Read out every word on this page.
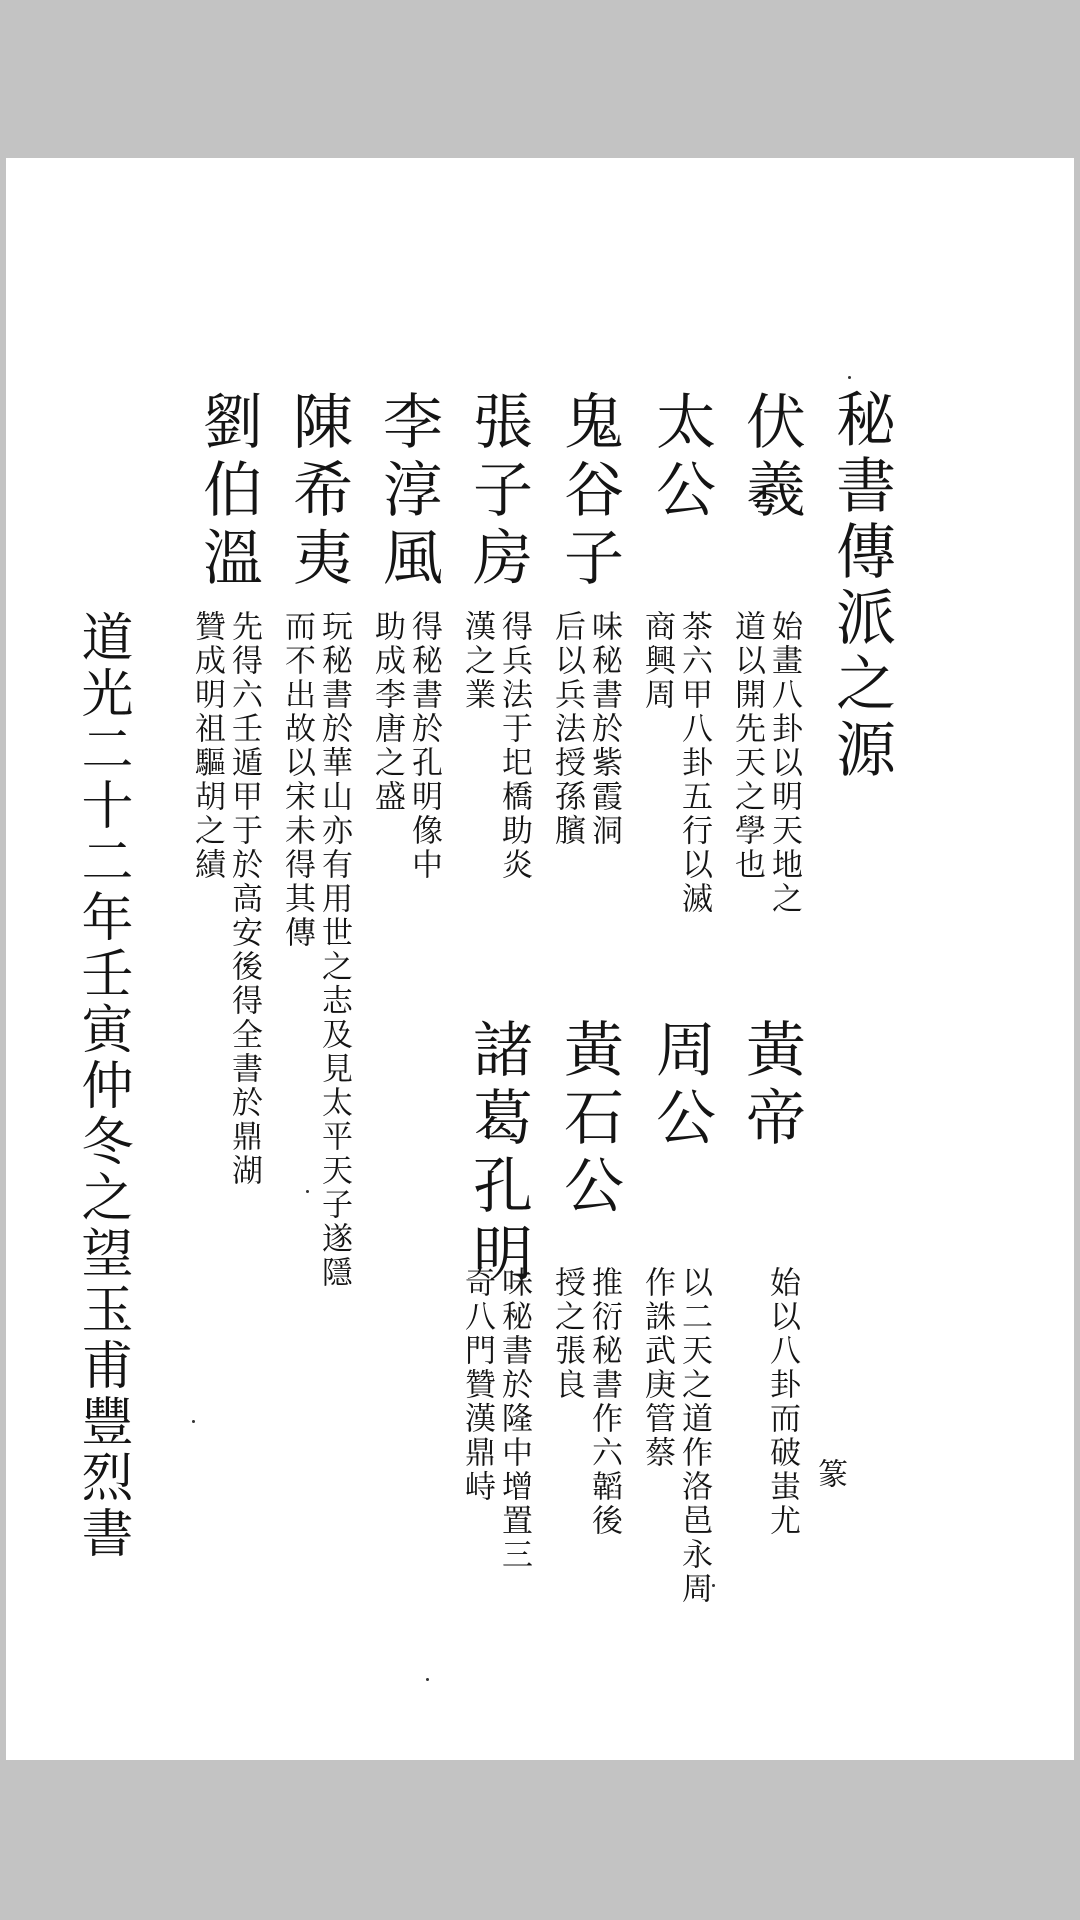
秘書傳派之源
伏羲
太公
鬼谷子
張子房
李淳風
陳希夷
劉伯溫
始畫八卦以明天地之
道以開先天之學也
茶六甲八卦五行以滅
商興周
味秘書於紫霞洞
后以兵法授孫臏
得兵法于圯橋助炎
漢之業
得秘書於孔明像中
助成李唐之盛
玩秘書於華山亦有用世之志及見太平天子遂隱
而不出故以宋未得其傳
先得六壬遁甲于於高安後得全書於鼎湖
贊成明祖驅胡之績
黃帝
周公
黃石公
諸葛孔明
始以八卦而破蚩尤
以二天之道作洛邑永周
作誅武庚管蔡
推衍秘書作六韜後
授之張良
味秘書於隆中增置三
奇八門贊漢鼎峙	篆
道光二十二年壬寅仲冬之望玉甫豐烈書
